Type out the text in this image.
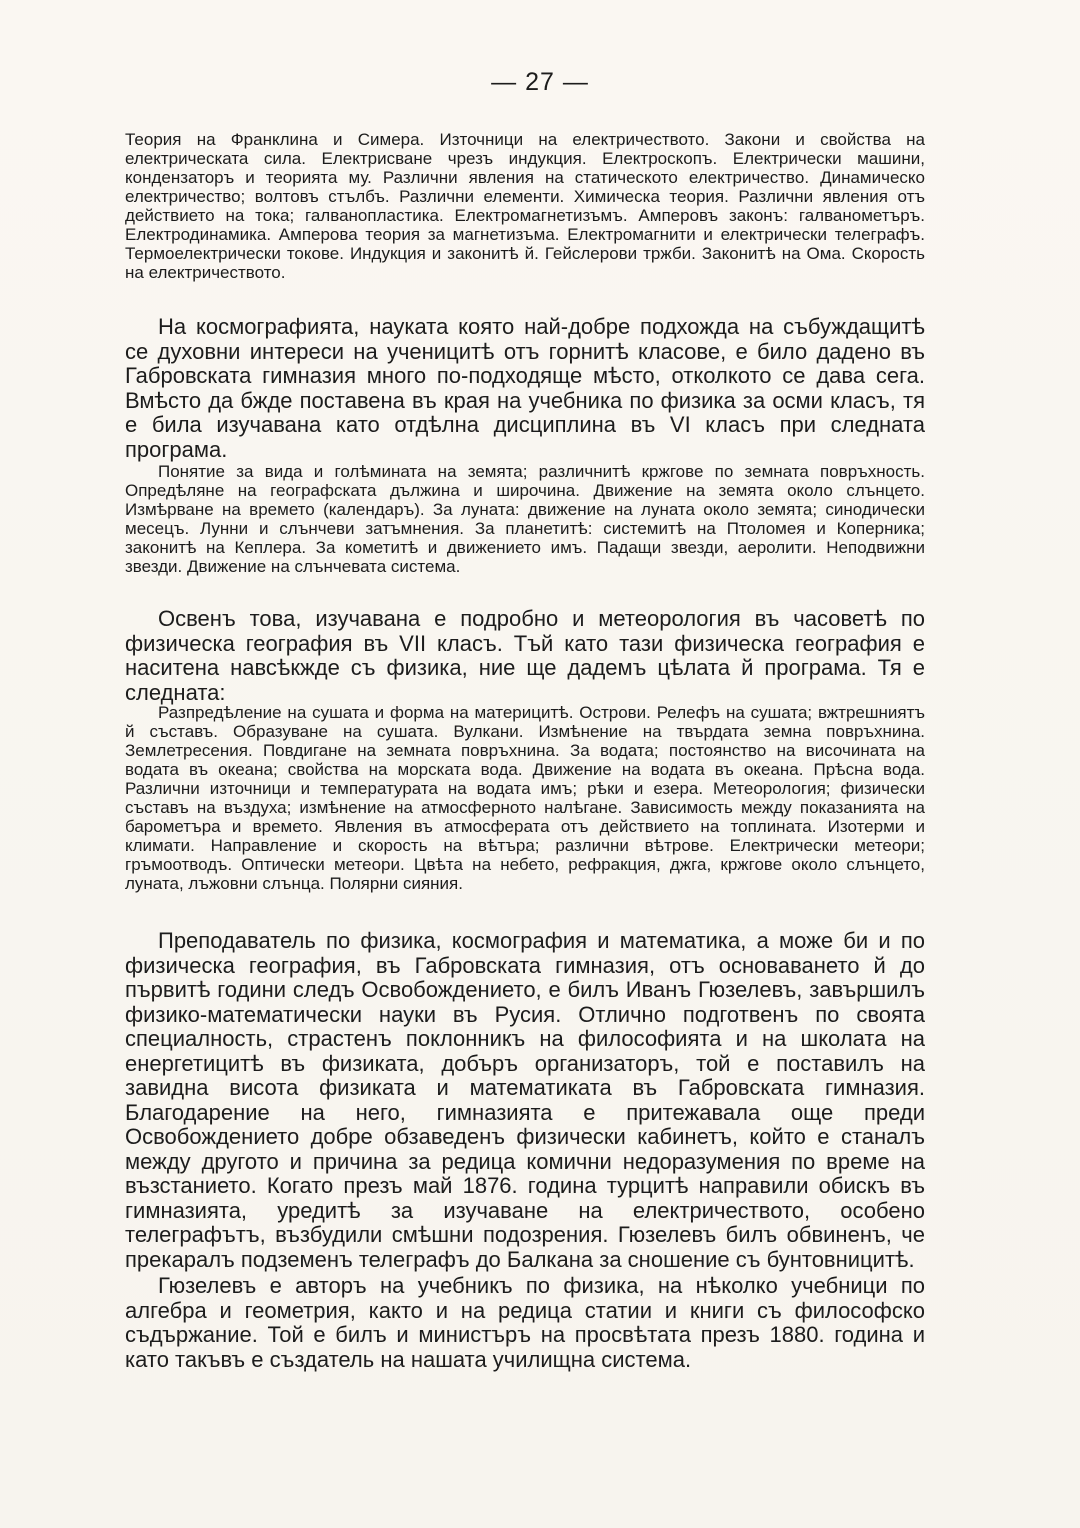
— 27 —

Теория на Франклина и Симера. Източници на електричеството. Закони и свойства на електрическата сила. Електрисване чрезъ индукция. Електроскопъ. Електрически машини, кондензаторъ и теорията му. Различни явления на статическото електричество. Динамическо електричество; волтовъ стълбъ. Различни елементи. Химическа теория. Различни явления отъ действието на тока; галванопластика. Електромагнетизъмъ. Амперовъ законъ: галванометъръ. Електродинамика. Амперова теория за магнетизъма. Електромагнити и електрически телеграфъ. Термоелектрически токове. Индукция и законитѣ й. Гейслерови тржби. Законитѣ на Ома. Скорость на електричеството.

На космографията, науката която най-добре подхожда на събуждащитѣ се духовни интереси на ученицитѣ отъ горнитѣ класове, е било дадено въ Габровската гимназия много по-подходяще мѣсто, отколкото се дава сега. Вмѣсто да бжде поставена въ края на учебника по физика за осми класъ, тя е била изучавана като отдѣлна дисциплина въ VI класъ при следната програма.

Понятие за вида и голѣмината на земята; различнитѣ кржгове по земната повръхность. Опредѣляне на географската дължина и широчина. Движение на земята около слънцето. Измѣрване на времето (календаръ). За луната: движение на луната около земята; синодически месецъ. Лунни и слънчеви затъмнения. За планетитѣ: системитѣ на Птоломея и Коперника; законитѣ на Кеплера. За кометитѣ и движението имъ. Падащи звезди, аеролити. Неподвижни звезди. Движение на слънчевата система.

Освенъ това, изучавана е подробно и метеорология въ часоветѣ по физическа география въ VII класъ. Тъй като тази физическа география е наситена навсѣкжде съ физика, ние ще дадемъ цѣлата й програма. Тя е следната:

Разпредѣление на сушата и форма на материцитѣ. Острови. Релефъ на сушата; вжтрешниятъ й съставъ. Образуване на сушата. Вулкани. Измѣнение на твърдата земна повръхнина. Землетресения. Повдигане на земната повръхнина. За водата; постоянство на височината на водата въ океана; свойства на морската вода. Движение на водата въ океана. Прѣсна вода. Различни източници и температурата на водата имъ; рѣки и езера. Метеорология; физически съставъ на въздуха; измѣнение на атмосферното налѣгане. Зависимость между показанията на барометъра и времето. Явления въ атмосферата отъ действието на топлината. Изотерми и климати. Направление и скорость на вѣтъра; различни вѣтрове. Електрически метеори; гръмоотводъ. Оптически метеори. Цвѣта на небето, рефракция, джга, кржгове около слънцето, луната, лъжовни слънца. Полярни сияния.

Преподаватель по физика, космография и математика, а може би и по физическа география, въ Габровската гимназия, отъ основаването й до първитѣ години следъ Освобождението, е билъ Иванъ Гюзелевъ, завършилъ физико-математически науки въ Русия. Отлично подготвенъ по своята специалность, страстенъ поклонникъ на философията и на школата на енергетицитѣ въ физиката, добъръ организаторъ, той е поставилъ на завидна висота физиката и математиката въ Габровската гимназия. Благодарение на него, гимназията е притежавала още преди Освобождението добре обзаведенъ физически кабинетъ, който е станалъ между другото и причина за редица комични недоразумения по време на възстанието. Когато презъ май 1876. година турцитѣ направили обискъ въ гимназията, уредитѣ за изучаване на електричеството, особено телеграфътъ, възбудили смѣшни подозрения. Гюзелевъ билъ обвиненъ, че прекаралъ подземенъ телеграфъ до Балкана за сношение съ бунтовницитѣ.

Гюзелевъ е авторъ на учебникъ по физика, на нѣколко учебници по алгебра и геометрия, както и на редица статии и книги съ философско съдържание. Той е билъ и министъръ на просвѣтата презъ 1880. година и като такъвъ е създатель на нашата училищна система.
